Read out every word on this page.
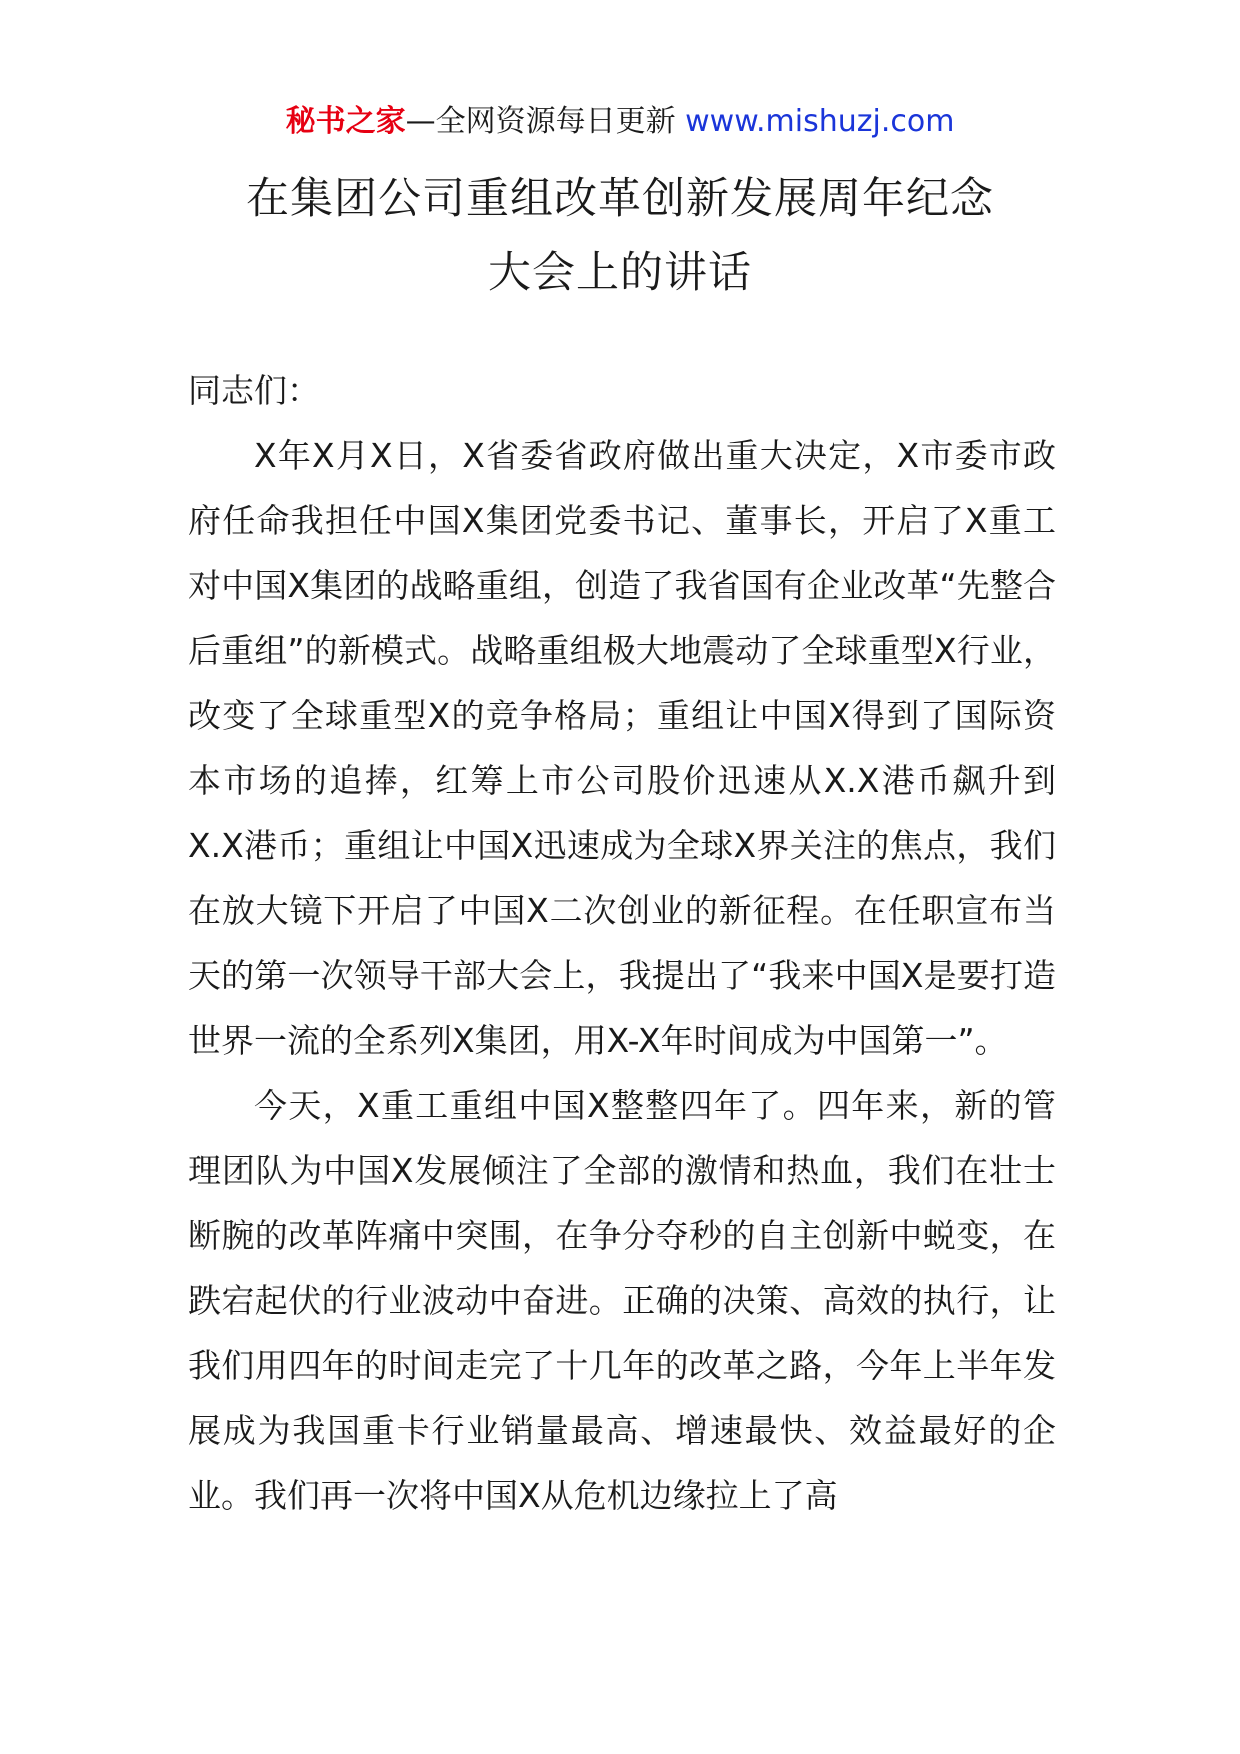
秘书之家—全网资源每日更新 www.mishuzj.com
在集团公司重组改革创新发展周年纪念
大会上的讲话

同志们：

X年X月X日，X省委省政府做出重大决定，X市委市政府任命我担任中国X集团党委书记、董事长，开启了X重工对中国X集团的战略重组，创造了我省国有企业改革“先整合后重组”的新模式。战略重组极大地震动了全球重型X行业，改变了全球重型X的竞争格局；重组让中国X得到了国际资本市场的追捧，红筹上市公司股价迅速从X.X港币飙升到X.X港币；重组让中国X迅速成为全球X界关注的焦点，我们在放大镜下开启了中国X二次创业的新征程。在任职宣布当天的第一次领导干部大会上，我提出了“我来中国X是要打造世界一流的全系列X集团，用X-X年时间成为中国第一”。

今天，X重工重组中国X整整四年了。四年来，新的管理团队为中国X发展倾注了全部的激情和热血，我们在壮士断腕的改革阵痛中突围，在争分夺秒的自主创新中蜕变，在跌宕起伏的行业波动中奋进。正确的决策、高效的执行，让我们用四年的时间走完了十几年的改革之路，今年上半年发展成为我国重卡行业销量最高、增速最快、效益最好的企业。我们再一次将中国X从危机边缘拉上了高
